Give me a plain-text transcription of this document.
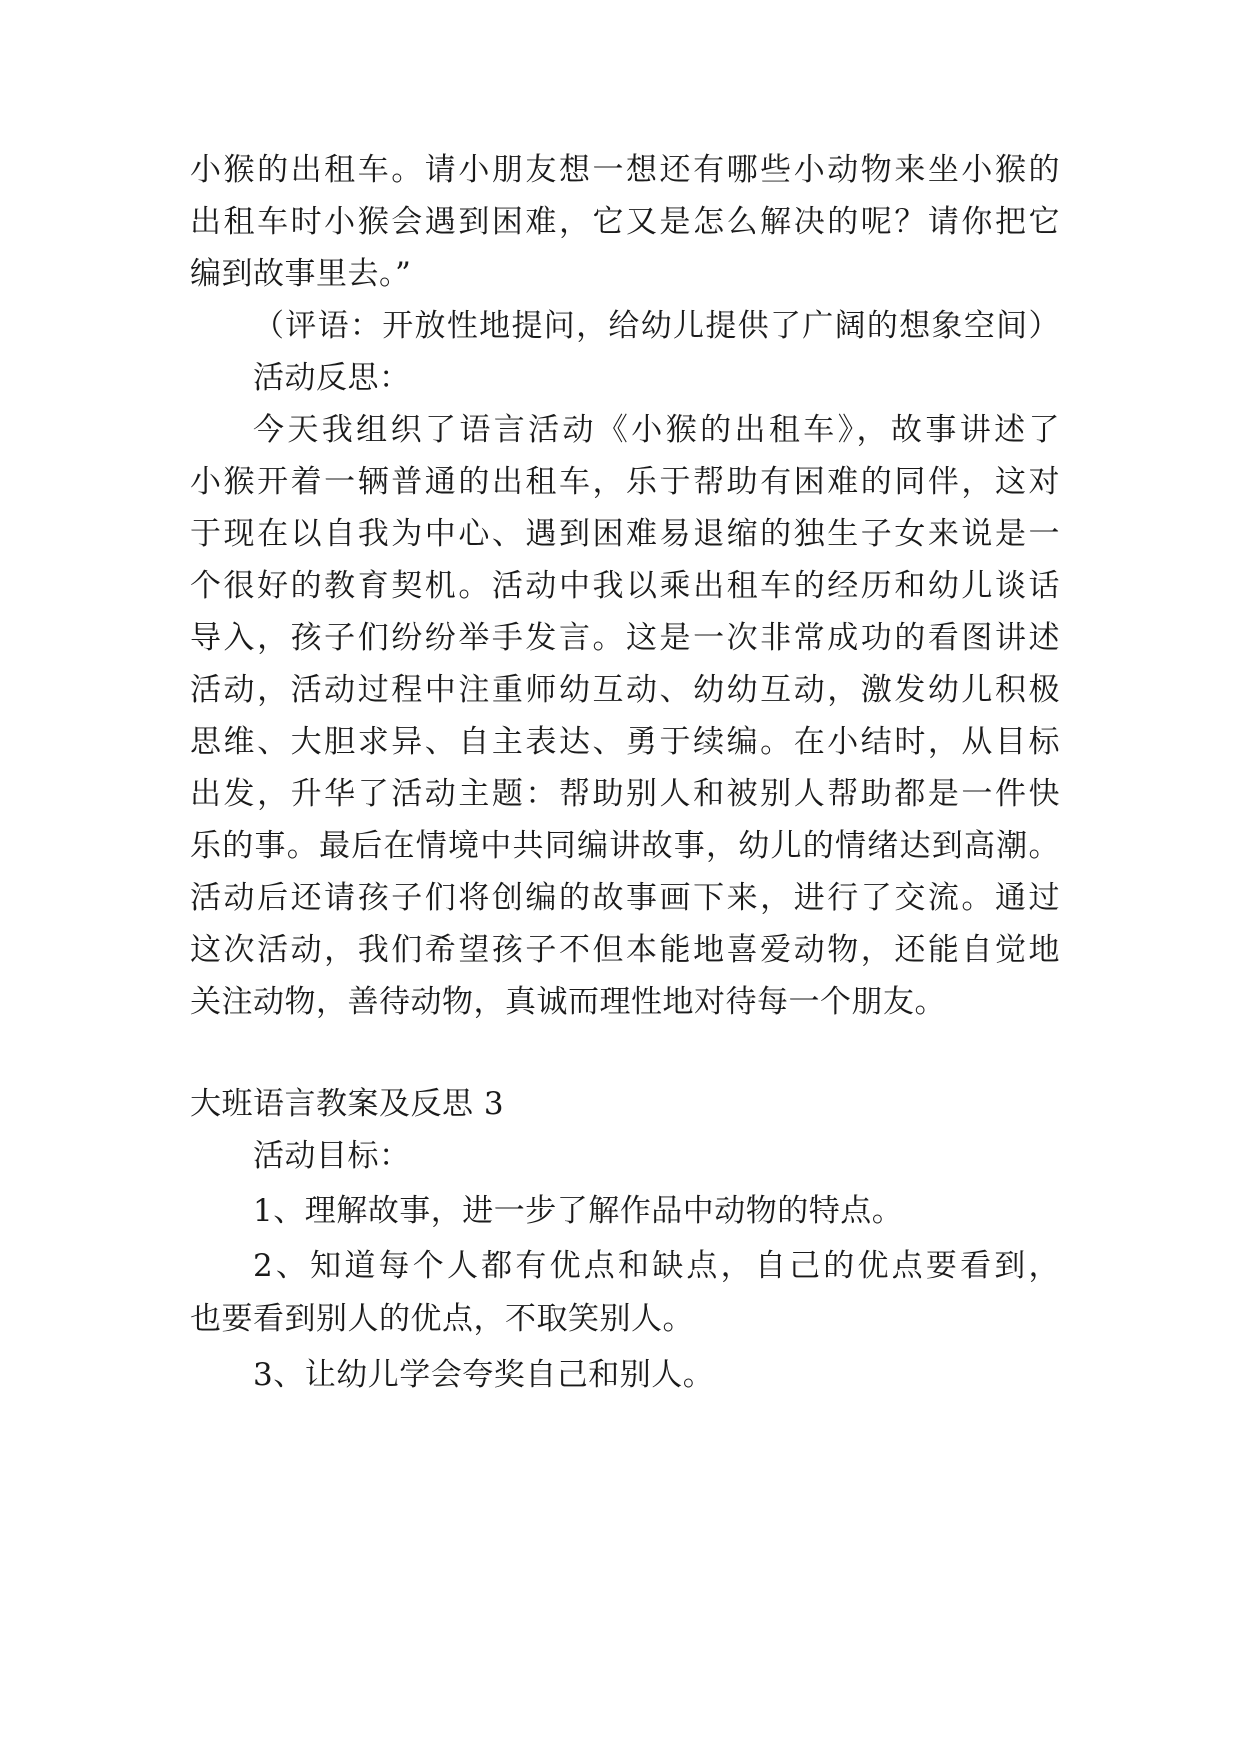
小猴的出租车。请小朋友想一想还有哪些小动物来坐小猴的
出租车时小猴会遇到困难，它又是怎么解决的呢？请你把它
编到故事里去。”
（评语：开放性地提问，给幼儿提供了广阔的想象空间）
活动反思：
今天我组织了语言活动《小猴的出租车》，故事讲述了
小猴开着一辆普通的出租车，乐于帮助有困难的同伴，这对
于现在以自我为中心、遇到困难易退缩的独生子女来说是一
个很好的教育契机。活动中我以乘出租车的经历和幼儿谈话
导入，孩子们纷纷举手发言。这是一次非常成功的看图讲述
活动，活动过程中注重师幼互动、幼幼互动，激发幼儿积极
思维、大胆求异、自主表达、勇于续编。在小结时，从目标
出发，升华了活动主题：帮助别人和被别人帮助都是一件快
乐的事。最后在情境中共同编讲故事，幼儿的情绪达到高潮。
活动后还请孩子们将创编的故事画下来，进行了交流。通过
这次活动，我们希望孩子不但本能地喜爱动物，还能自觉地
关注动物，善待动物，真诚而理性地对待每一个朋友。
大班语言教案及反思 3
活动目标：
1、理解故事，进一步了解作品中动物的特点。
2、知道每个人都有优点和缺点，自己的优点要看到，
也要看到别人的优点，不取笑别人。
3、让幼儿学会夸奖自己和别人。
